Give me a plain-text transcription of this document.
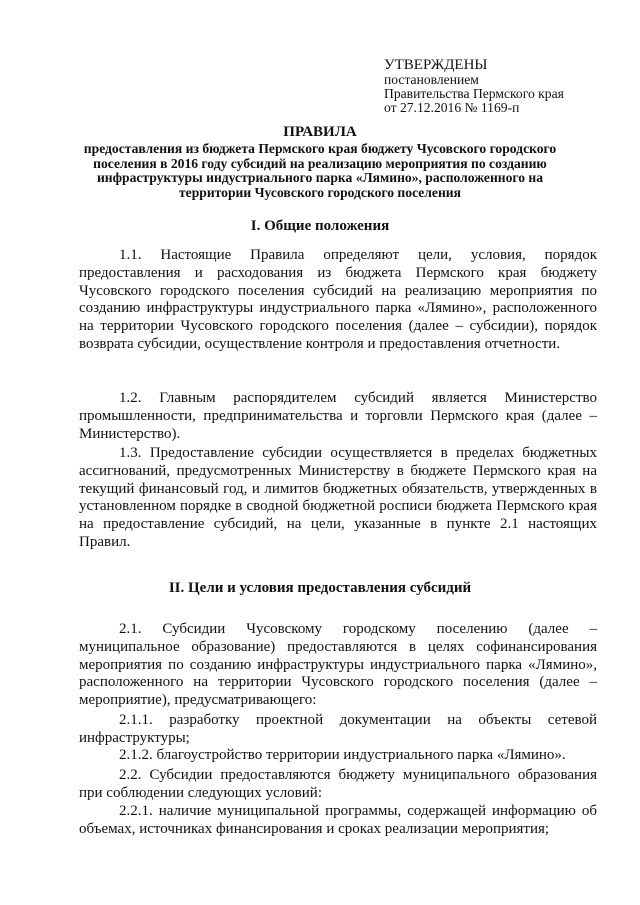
УТВЕРЖДЕНЫ

постановлением

Правительства Пермского края

от 27.12.2016 № 1169-п

ПРАВИЛА

предоставления из бюджета Пермского края бюджету Чусовского городского поселения в 2016 году субсидий на реализацию мероприятия по созданию инфраструктуры индустриального парка «Лямино», расположенного на территории Чусовского городского поселения

I. Общие положения

1.1. Настоящие Правила определяют цели, условия, порядок предоставления и расходования из бюджета Пермского края бюджету Чусовского городского поселения субсидий на реализацию мероприятия по созданию инфраструктуры индустриального парка «Лямино», расположенного на территории Чусовского городского поселения (далее – субсидии), порядок возврата субсидии, осуществление контроля и предоставления отчетности.

1.2. Главным распорядителем субсидий является Министерство промышленности, предпринимательства и торговли Пермского края (далее – Министерство).

1.3. Предоставление субсидии осуществляется в пределах бюджетных ассигнований, предусмотренных Министерству в бюджете Пермского края на текущий финансовый год, и лимитов бюджетных обязательств, утвержденных в установленном порядке в сводной бюджетной росписи бюджета Пермского края на предоставление субсидий, на цели, указанные в пункте 2.1 настоящих Правил.

II. Цели и условия предоставления субсидий

2.1. Субсидии Чусовскому городскому поселению (далее – муниципальное образование) предоставляются в целях софинансирования мероприятия по созданию инфраструктуры индустриального парка «Лямино», расположенного на территории Чусовского городского поселения (далее – мероприятие), предусматривающего:

2.1.1. разработку проектной документации на объекты сетевой инфраструктуры;

2.1.2. благоустройство территории индустриального парка «Лямино».

2.2. Субсидии предоставляются бюджету муниципального образования при соблюдении следующих условий:

2.2.1. наличие муниципальной программы, содержащей информацию об объемах, источниках финансирования и сроках реализации мероприятия;
